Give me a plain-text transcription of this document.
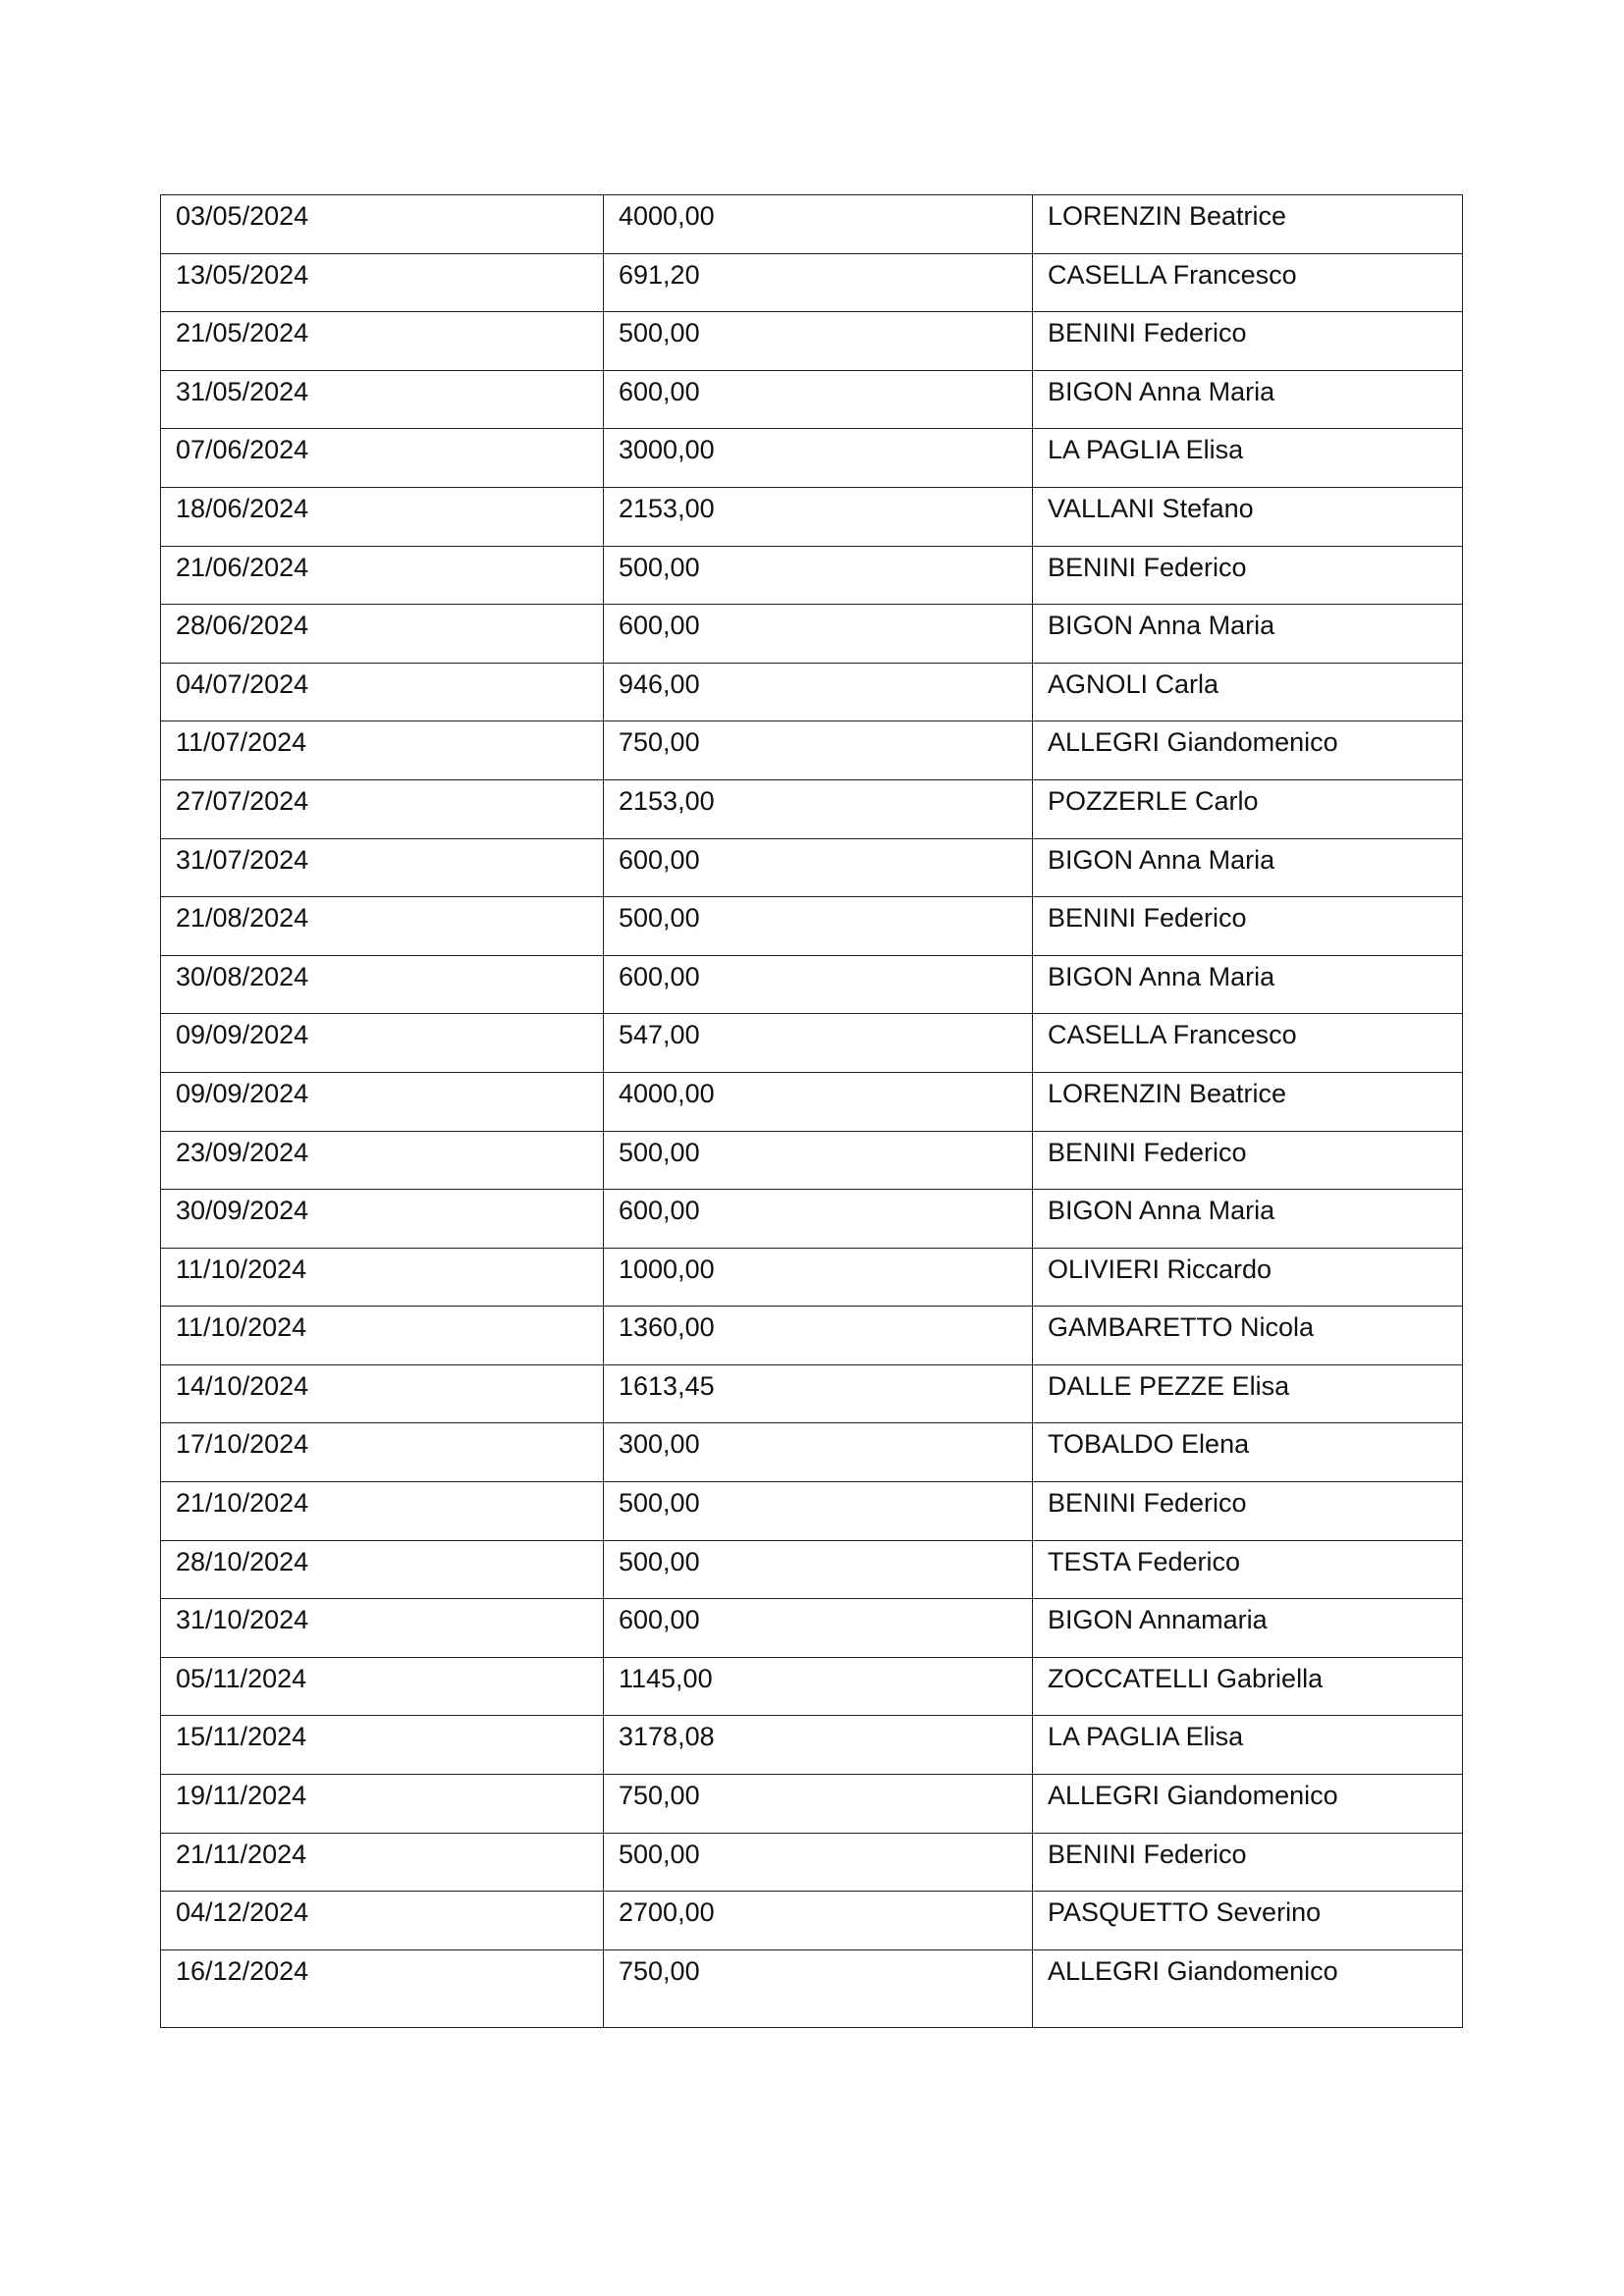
03/05/2024	4000,00	LORENZIN Beatrice

13/05/2024	691,20	CASELLA Francesco

21/05/2024	500,00	BENINI Federico

31/05/2024	600,00	BIGON Anna Maria

07/06/2024	3000,00	LA PAGLIA Elisa

18/06/2024	2153,00	VALLANI Stefano

21/06/2024	500,00	BENINI Federico

28/06/2024	600,00	BIGON Anna Maria

04/07/2024	946,00	AGNOLI Carla

11/07/2024	750,00	ALLEGRI Giandomenico

27/07/2024	2153,00	POZZERLE Carlo

31/07/2024	600,00	BIGON Anna Maria

21/08/2024	500,00	BENINI Federico

30/08/2024	600,00	BIGON Anna Maria

09/09/2024	547,00	CASELLA Francesco

09/09/2024	4000,00	LORENZIN Beatrice

23/09/2024	500,00	BENINI Federico

30/09/2024	600,00	BIGON Anna Maria

11/10/2024	1000,00	OLIVIERI Riccardo

11/10/2024	1360,00	GAMBARETTO Nicola

14/10/2024	1613,45	DALLE PEZZE Elisa

17/10/2024	300,00	TOBALDO Elena

21/10/2024	500,00	BENINI Federico

28/10/2024	500,00	TESTA Federico

31/10/2024	600,00	BIGON Annamaria

05/11/2024	1145,00	ZOCCATELLI Gabriella

15/11/2024	3178,08	LA PAGLIA Elisa

19/11/2024	750,00	ALLEGRI Giandomenico

21/11/2024	500,00	BENINI Federico

04/12/2024	2700,00	PASQUETTO Severino

16/12/2024	750,00	ALLEGRI Giandomenico
